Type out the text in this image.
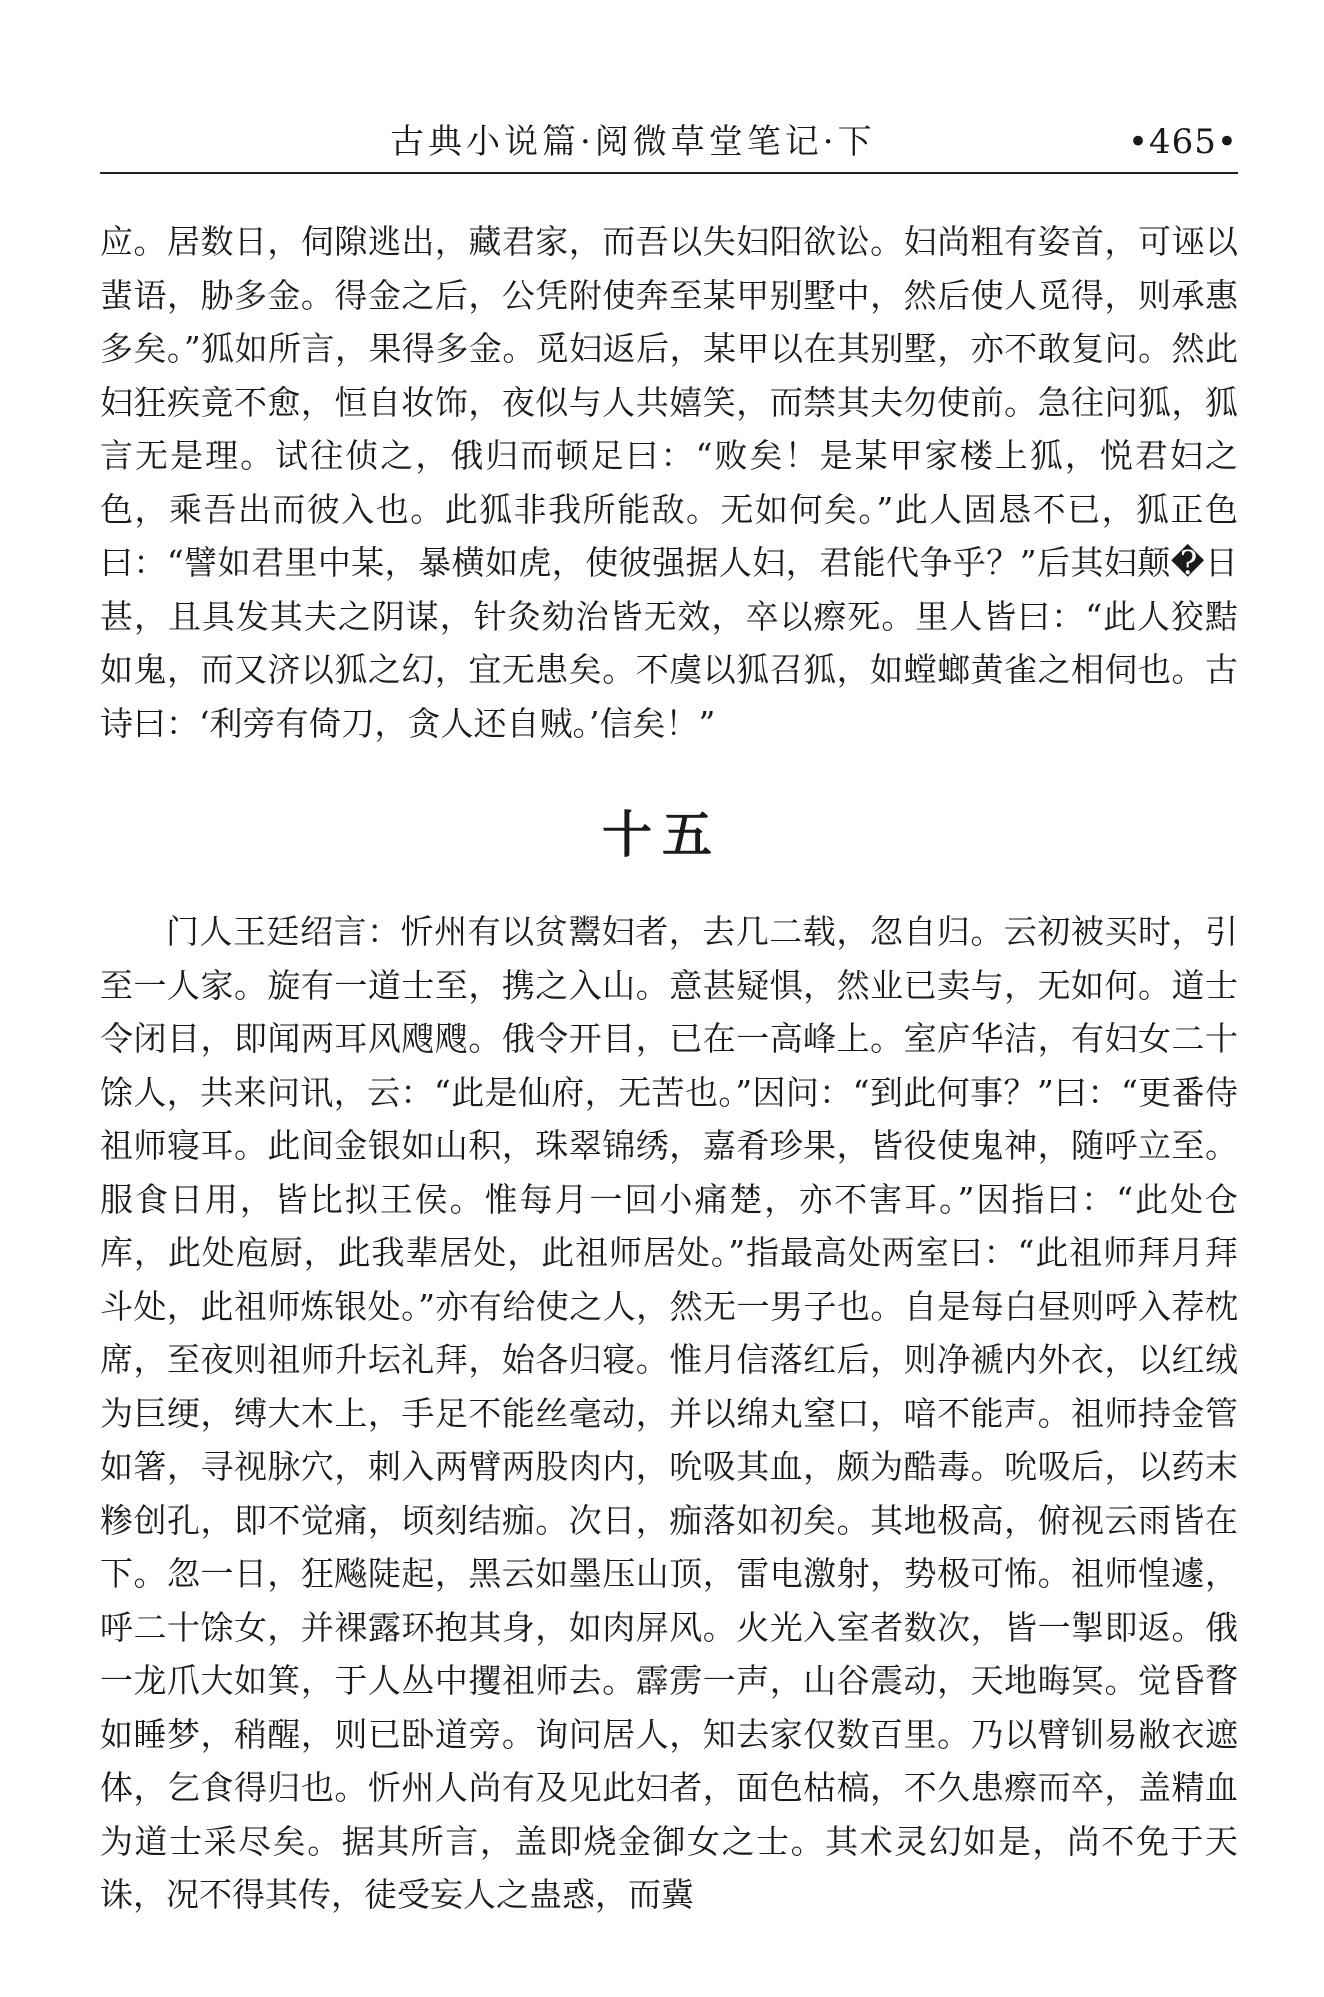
古典小说篇·阅微草堂笔记·下	•465•

应。居数日，伺隙逃出，藏君家，而吾以失妇阳欲讼。妇尚粗有姿首，可诬以蜚语，胁多金。得金之后，公凭附使奔至某甲别墅中，然后使人觅得，则承惠多矣。”狐如所言，果得多金。觅妇返后，某甲以在其别墅，亦不敢复问。然此妇狂疾竟不愈，恒自妆饰，夜似与人共嬉笑，而禁其夫勿使前。急往问狐，狐言无是理。试往侦之，俄归而顿足曰：“败矣！是某甲家楼上狐，悦君妇之色，乘吾出而彼入也。此狐非我所能敌。无如何矣。”此人固恳不已，狐正色曰：“譬如君里中某，暴横如虎，使彼强据人妇，君能代争乎？”后其妇颠�日甚，且具发其夫之阴谋，针灸劾治皆无效，卒以瘵死。里人皆曰：“此人狡黠如鬼，而又济以狐之幻，宜无患矣。不虞以狐召狐，如螳螂黄雀之相伺也。古诗曰：‘利旁有倚刀，贪人还自贼。’信矣！”

十五

门人王廷绍言：忻州有以贫鬻妇者，去几二载，忽自归。云初被买时，引至一人家。旋有一道士至，携之入山。意甚疑惧，然业已卖与，无如何。道士令闭目，即闻两耳风飕飕。俄令开目，已在一高峰上。室庐华洁，有妇女二十馀人，共来问讯，云：“此是仙府，无苦也。”因问：“到此何事？”曰：“更番侍祖师寝耳。此间金银如山积，珠翠锦绣，嘉肴珍果，皆役使鬼神，随呼立至。服食日用，皆比拟王侯。惟每月一回小痛楚，亦不害耳。”因指曰：“此处仓库，此处庖厨，此我辈居处，此祖师居处。”指最高处两室曰：“此祖师拜月拜斗处，此祖师炼银处。”亦有给使之人，然无一男子也。自是每白昼则呼入荐枕席，至夜则祖师升坛礼拜，始各归寝。惟月信落红后，则净褫内外衣，以红绒为巨绠，缚大木上，手足不能丝毫动，并以绵丸窒口，喑不能声。祖师持金管如箸，寻视脉穴，刺入两臂两股肉内，吮吸其血，颇为酷毒。吮吸后，以药末糁创孔，即不觉痛，顷刻结痂。次日，痂落如初矣。其地极高，俯视云雨皆在下。忽一日，狂飚陡起，黑云如墨压山顶，雷电激射，势极可怖。祖师惶遽，呼二十馀女，并裸露环抱其身，如肉屏风。火光入室者数次，皆一掣即返。俄一龙爪大如箕，于人丛中攫祖师去。霹雳一声，山谷震动，天地晦冥。觉昏瞀如睡梦，稍醒，则已卧道旁。询问居人，知去家仅数百里。乃以臂钏易敝衣遮体，乞食得归也。忻州人尚有及见此妇者，面色枯槁，不久患瘵而卒，盖精血为道士采尽矣。据其所言，盖即烧金御女之士。其术灵幻如是，尚不免于天诛，况不得其传，徒受妄人之蛊惑，而冀
